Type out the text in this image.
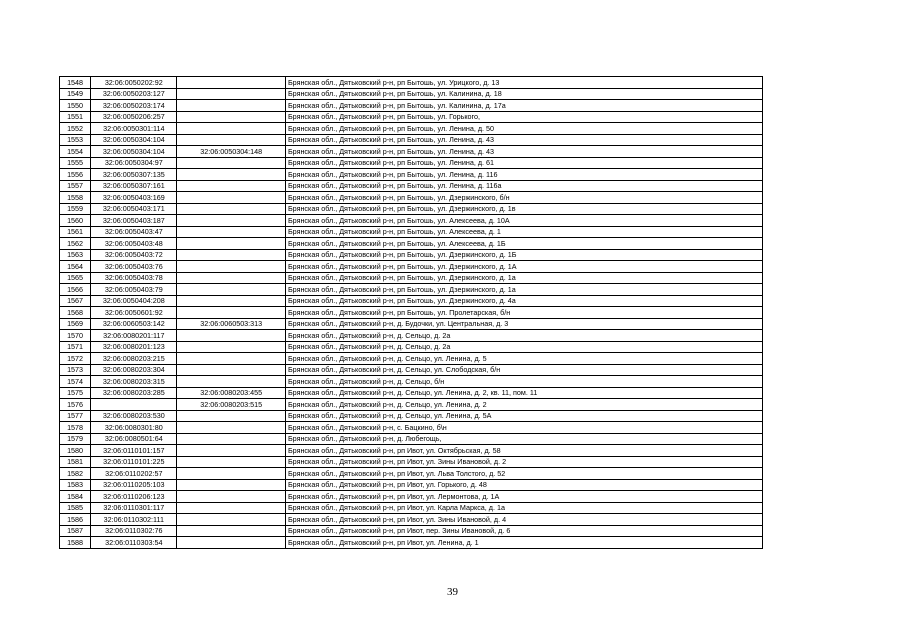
1548	32:06:0050202:92		Брянская обл., Дятьковский р-н, рп Бытошь, ул. Урицкого, д. 13
1549	32:06:0050203:127		Брянская обл., Дятьковский р-н, рп Бытошь, ул. Калинина, д. 18
1550	32:06:0050203:174		Брянская обл., Дятьковский р-н, рп Бытошь, ул. Калинина, д. 17а
1551	32:06:0050206:257		Брянская обл., Дятьковский р-н, рп Бытошь, ул. Горького,
1552	32:06:0050301:114		Брянская обл., Дятьковский р-н, рп Бытошь, ул. Ленина, д. 50
1553	32:06:0050304:104		Брянская обл., Дятьковский р-н, рп Бытошь, ул. Ленина, д. 43
1554	32:06:0050304:104	32:06:0050304:148	Брянская обл., Дятьковский р-н, рп Бытошь, ул. Ленина, д. 43
1555	32:06:0050304:97		Брянская обл., Дятьковский р-н, рп Бытошь, ул. Ленина, д. 61
1556	32:06:0050307:135		Брянская обл., Дятьковский р-н, рп Бытошь, ул. Ленина, д. 116
1557	32:06:0050307:161		Брянская обл., Дятьковский р-н, рп Бытошь, ул. Ленина, д. 116а
1558	32:06:0050403:169		Брянская обл., Дятьковский р-н, рп Бытошь, ул. Дзержинского, б/н
1559	32:06:0050403:171		Брянская обл., Дятьковский р-н, рп Бытошь, ул. Дзержинского, д. 1в
1560	32:06:0050403:187		Брянская обл., Дятьковский р-н, рп Бытошь, ул. Алексеева, д. 10А
1561	32:06:0050403:47		Брянская обл., Дятьковский р-н, рп Бытошь, ул. Алексеева, д. 1
1562	32:06:0050403:48		Брянская обл., Дятьковский р-н, рп Бытошь, ул. Алексеева, д. 1Б
1563	32:06:0050403:72		Брянская обл., Дятьковский р-н, рп Бытошь, ул. Дзержинского, д. 1Б
1564	32:06:0050403:76		Брянская обл., Дятьковский р-н, рп Бытошь, ул. Дзержинского, д. 1А
1565	32:06:0050403:78		Брянская обл., Дятьковский р-н, рп Бытошь, ул. Дзержинского, д. 1а
1566	32:06:0050403:79		Брянская обл., Дятьковский р-н, рп Бытошь, ул. Дзержинского, д. 1а
1567	32:06:0050404:208		Брянская обл., Дятьковский р-н, рп Бытошь, ул. Дзержинского, д. 4а
1568	32:06:0050601:92		Брянская обл., Дятьковский р-н, рп Бытошь, ул. Пролетарская, б/н
1569	32:06:0060503:142	32:06:0060503:313	Брянская обл., Дятьковский р-н, д. Будочки, ул. Центральная, д. 3
1570	32:06:0080201:117		Брянская обл., Дятьковский р-н, д. Сельцо, д. 2а
1571	32:06:0080201:123		Брянская обл., Дятьковский р-н, д. Сельцо, д. 2а
1572	32:06:0080203:215		Брянская обл., Дятьковский р-н, д. Сельцо, ул. Ленина, д. 5
1573	32:06:0080203:304		Брянская обл., Дятьковский р-н, д. Сельцо, ул. Слободская, б/н
1574	32:06:0080203:315		Брянская обл., Дятьковский р-н, д. Сельцо, б/н
1575	32:06:0080203:285	32:06:0080203:455	Брянская обл., Дятьковский р-н, д. Сельцо, ул. Ленина, д. 2, кв. 11, пом. 11
1576		32:06:0080203:515	Брянская обл., Дятьковский р-н, д. Сельцо, ул. Ленина, д. 2
1577	32:06:0080203:530		Брянская обл., Дятьковский р-н, д. Сельцо, ул. Ленина, д. 5А
1578	32:06:0080301:80		Брянская обл., Дятьковский р-н, с. Бацкино, б\н
1579	32:06:0080501:64		Брянская обл., Дятьковский р-н, д. Любегощь,
1580	32:06:0110101:157		Брянская обл., Дятьковский р-н, рп Ивот, ул. Октябрьская, д. 58
1581	32:06:0110101:225		Брянская обл., Дятьковский р-н, рп Ивот, ул. Зины Ивановой, д. 2
1582	32:06:0110202:57		Брянская обл., Дятьковский р-н, рп Ивот, ул. Льва Толстого, д. 52
1583	32:06:0110205:103		Брянская обл., Дятьковский р-н, рп Ивот, ул. Горького, д. 48
1584	32:06:0110206:123		Брянская обл., Дятьковский р-н, рп Ивот, ул. Лермонтова, д. 1А
1585	32:06:0110301:117		Брянская обл., Дятьковский р-н, рп Ивот, ул. Карла Маркса, д. 1а
1586	32:06:0110302:111		Брянская обл., Дятьковский р-н, рп Ивот, ул. Зины Ивановой, д. 4
1587	32:06:0110302:76		Брянская обл., Дятьковский р-н, рп Ивот, пер. Зины Ивановой, д. 6
1588	32:06:0110303:54		Брянская обл., Дятьковский р-н, рп Ивот, ул. Ленина, д. 1
39
